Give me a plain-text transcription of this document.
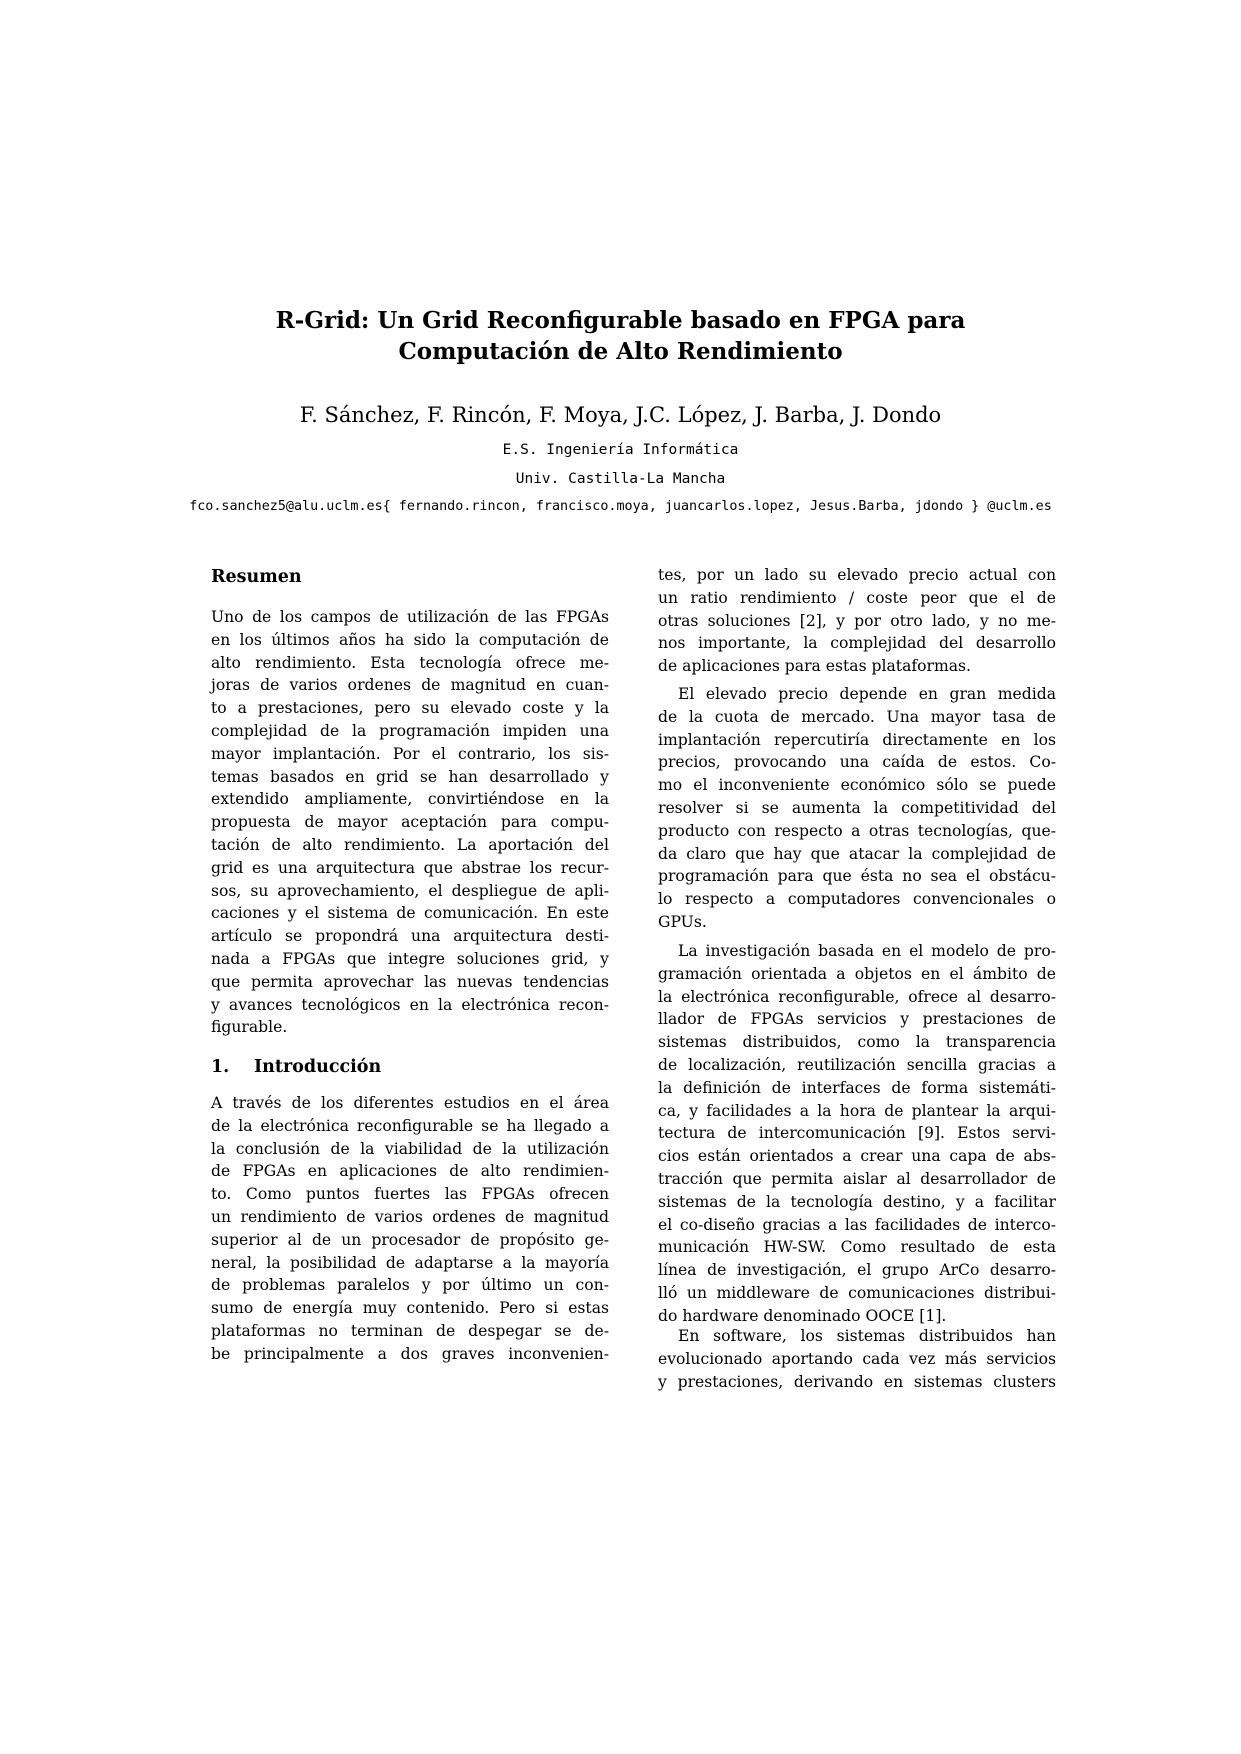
R-Grid: Un Grid Reconfigurable basado en FPGA para
Computación de Alto Rendimiento
F. Sánchez, F. Rincón, F. Moya, J.C. López, J. Barba, J. Dondo
E.S. Ingeniería Informática
Univ. Castilla-La Mancha
fco.sanchez5@alu.uclm.es{ fernando.rincon, francisco.moya, juancarlos.lopez, Jesus.Barba, jdondo } @uclm.es
Resumen
Uno de los campos de utilización de las FPGAs
en los últimos años ha sido la computación de
alto rendimiento. Esta tecnología ofrece me-
joras de varios ordenes de magnitud en cuan-
to a prestaciones, pero su elevado coste y la
complejidad de la programación impiden una
mayor implantación. Por el contrario, los sis-
temas basados en grid se han desarrollado y
extendido ampliamente, convirtiéndose en la
propuesta de mayor aceptación para compu-
tación de alto rendimiento. La aportación del
grid es una arquitectura que abstrae los recur-
sos, su aprovechamiento, el despliegue de apli-
caciones y el sistema de comunicación. En este
artículo se propondrá una arquitectura desti-
nada a FPGAs que integre soluciones grid, y
que permita aprovechar las nuevas tendencias
y avances tecnológicos en la electrónica recon-
figurable.
A través de los diferentes estudios en el área
de la electrónica reconfigurable se ha llegado a
la conclusión de la viabilidad de la utilización
de FPGAs en aplicaciones de alto rendimien-
to. Como puntos fuertes las FPGAs ofrecen
un rendimiento de varios ordenes de magnitud
superior al de un procesador de propósito ge-
neral, la posibilidad de adaptarse a la mayoría
de problemas paralelos y por último un con-
sumo de energía muy contenido. Pero si estas
plataformas no terminan de despegar se de-
be principalmente a dos graves inconvenien-
1. Introducción
tes, por un lado su elevado precio actual con
un ratio rendimiento / coste peor que el de
otras soluciones [2], y por otro lado, y no me-
nos importante, la complejidad del desarrollo
de aplicaciones para estas plataformas.
El elevado precio depende en gran medida
de la cuota de mercado. Una mayor tasa de
implantación repercutiría directamente en los
precios, provocando una caída de estos. Co-
mo el inconveniente económico sólo se puede
resolver si se aumenta la competitividad del
producto con respecto a otras tecnologías, que-
da claro que hay que atacar la complejidad de
programación para que ésta no sea el obstácu-
lo respecto a computadores convencionales o
GPUs.
La investigación basada en el modelo de pro-
gramación orientada a objetos en el ámbito de
la electrónica reconfigurable, ofrece al desarro-
llador de FPGAs servicios y prestaciones de
sistemas distribuidos, como la transparencia
de localización, reutilización sencilla gracias a
la definición de interfaces de forma sistemáti-
ca, y facilidades a la hora de plantear la arqui-
tectura de intercomunicación [9]. Estos servi-
cios están orientados a crear una capa de abs-
tracción que permita aislar al desarrollador de
sistemas de la tecnología destino, y a facilitar
el co-diseño gracias a las facilidades de interco-
municación HW-SW. Como resultado de esta
línea de investigación, el grupo ArCo desarro-
lló un middleware de comunicaciones distribui-
do hardware denominado OOCE [1].
En software, los sistemas distribuidos han
evolucionado aportando cada vez más servicios
y prestaciones, derivando en sistemas clusters
